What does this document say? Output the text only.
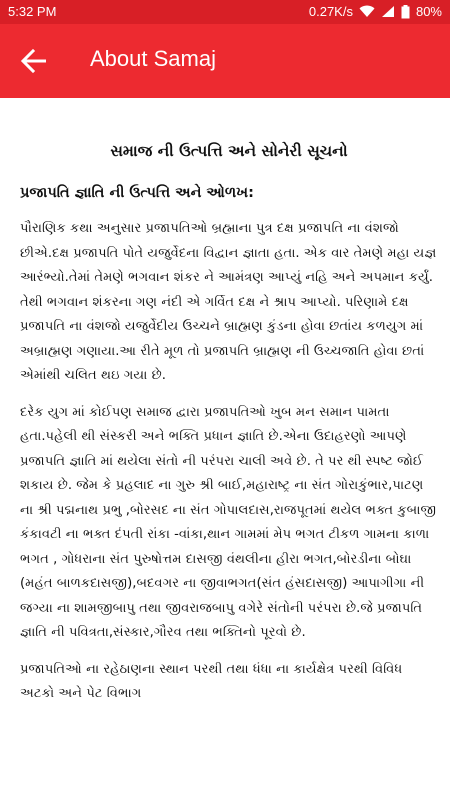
5:32 PM	0.27K/s	80%
About Samaj
સમાજ ની ઉત્પત્તિ અને સોનેરી સૂચનો
પ્રજાપતિ જ્ઞાતિ ની ઉત્પત્તિ અને ઓળખ:

પૌરાણિક કથા અનુસાર પ્રજાપતિઓ બ્રહ્માના પુત્ર દક્ષ પ્રજાપતિ ના વંશજો છીએ.દક્ષ પ્રજાપતિ પોતે યજુર્વેદના વિદ્વાન જ્ઞાતા હતા. એક વાર તેમણે મહા યજ્ઞ આરંભ્યો.તેમાં તેમણે ભગવાન શંકર ને આમંત્રણ આપ્યું નહિ અને અપમાન કર્યું. તેથી ભગવાન શંકરના ગણ નંદી એ ગર્વિત દક્ષ ને શ્રાપ આપ્યો. પરિણામે દક્ષ પ્રજાપતિ ના વંશજો યજુર્વેદીય ઉચ્ચને બ્રાહ્મણ કુંડના હોવા છતાંય કળયુગ માં અબ્રાહ્મણ ગણાયા.આ રીતે મૂળ તો પ્રજાપતિ બ્રાહ્મણ ની ઉચ્ચજાતિ હોવા છતાં એમાંથી ચલિત થઇ ગયા છે.

દરેક યુગ માં કોઈપણ સમાજ દ્વારા પ્રજાપતિઓ ખુબ મન સમાન પામતા હતા.પહેલી થી સંસ્કરી અને ભક્તિ પ્રધાન જ્ઞાતિ છે.એના ઉદાહરણો આપણે પ્રજાપતિ જ્ઞાતિ માં થયેલા સંતો ની પરંપરા ચાલી અવે છે. તે પર થી સ્પષ્ટ જોઈ શકાય છે. જેમ કે પ્રહલાદ ના ગુરુ શ્રી બાઈ,મહારાષ્ટ્ર ના સંત ગોરાકુંભાર,પાટણ ના શ્રી પદ્મનાથ પ્રભુ ,બોરસદ ના સંત ગોપાલદાસ,રાજપૂતમાં થયેલ ભક્ત કુબાજી કંકાવટી ના ભક્ત દંપતી રાંકા -વાંકા,થાન ગામમાં મેપ ભગત ટીકળ ગામના કાળા ભગત , ગોધરાના સંત પુરુષોત્તમ દાસજી વંથલીના હીરા ભગત,બોરડીના બોઘા (મહંત બાળકદાસજી),બદવગર ના જીવાભગત(સંત હંસદાસજી) આપાગીગા ની જગ્યા ના શામજીબાપુ તથા જીવરાજબાપુ વગેરે સંતોની પરંપરા છે.જે પ્રજાપતિ જ્ઞાતિ ની પવિત્રતા,સંસ્કાર,ગૌરવ તથા ભક્તિનો પૂરવો છે.

પ્રજાપતિઓ ના રહેઠાણના સ્થાન પરથી તથા ધંધા ના કાર્યક્ષેત્ર પરથી વિવિધ અટકો અને પેટ વિભાગ
